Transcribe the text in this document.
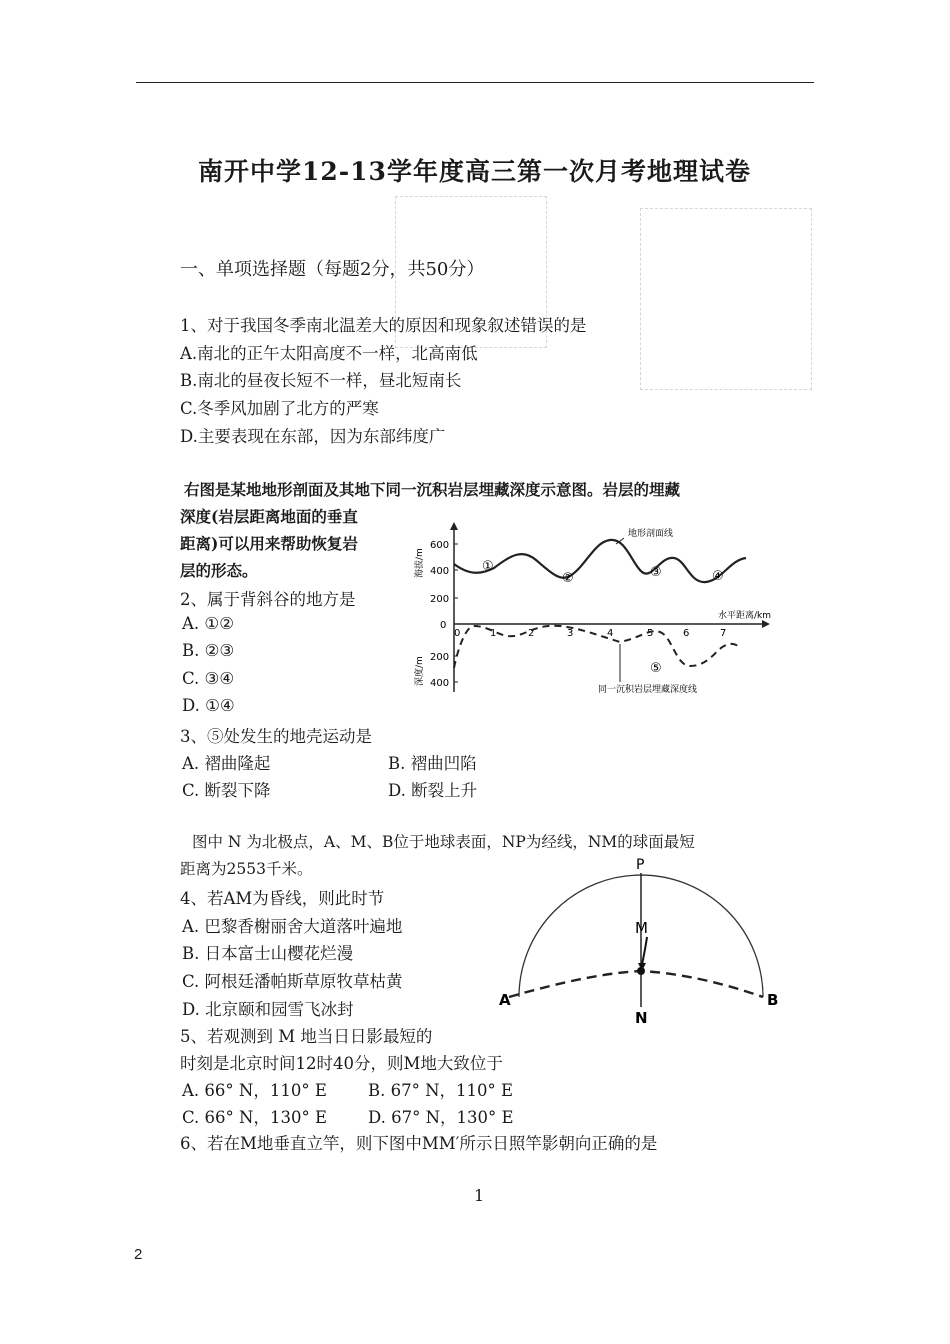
南开中学12-13学年度高三第一次月考地理试卷
一、单项选择题（每题2分，共50分）
1、对于我国冬季南北温差大的原因和现象叙述错误的是
A.南北的正午太阳高度不一样，北高南低
B.南北的昼夜长短不一样，昼北短南长
C.冬季风加剧了北方的严寒
D.主要表现在东部，因为东部纬度广
右图是某地地形剖面及其地下同一沉积岩层埋藏深度示意图。岩层的埋藏
深度(岩层距离地面的垂直
距离)可以用来帮助恢复岩
层的形态。
2、属于背斜谷的地方是
A. ①②
B. ②③
C. ③④
D. ①④
3、⑤处发生的地壳运动是
A. 褶曲隆起	B. 褶曲凹陷
C. 断裂下降	D. 断裂上升
600
400
200
0
200
400
海拔/m
深度/m
水平距离/km
0	1	2	3	4	5	6	7
①
②	③	④
⑤
地形剖面线
同一沉积岩层埋藏深度线
图中 N 为北极点，A、M、B位于地球表面，NP为经线，NM的球面最短
距离为2553千米。
4、若AM为昏线，则此时节
A. 巴黎香榭丽舍大道落叶遍地
B. 日本富士山樱花烂漫
C. 阿根廷潘帕斯草原牧草枯黄
D. 北京颐和园雪飞冰封
5、若观测到 M 地当日日影最短的
时刻是北京时间12时40分，则M地大致位于
A. 66° N，110° E B. 67° N，110° E
C. 66° N，130° E D. 67° N，130° E
6、若在M地垂直立竿，则下图中MM′所示日照竿影朝向正确的是
P
M
N
A	B
1
2
